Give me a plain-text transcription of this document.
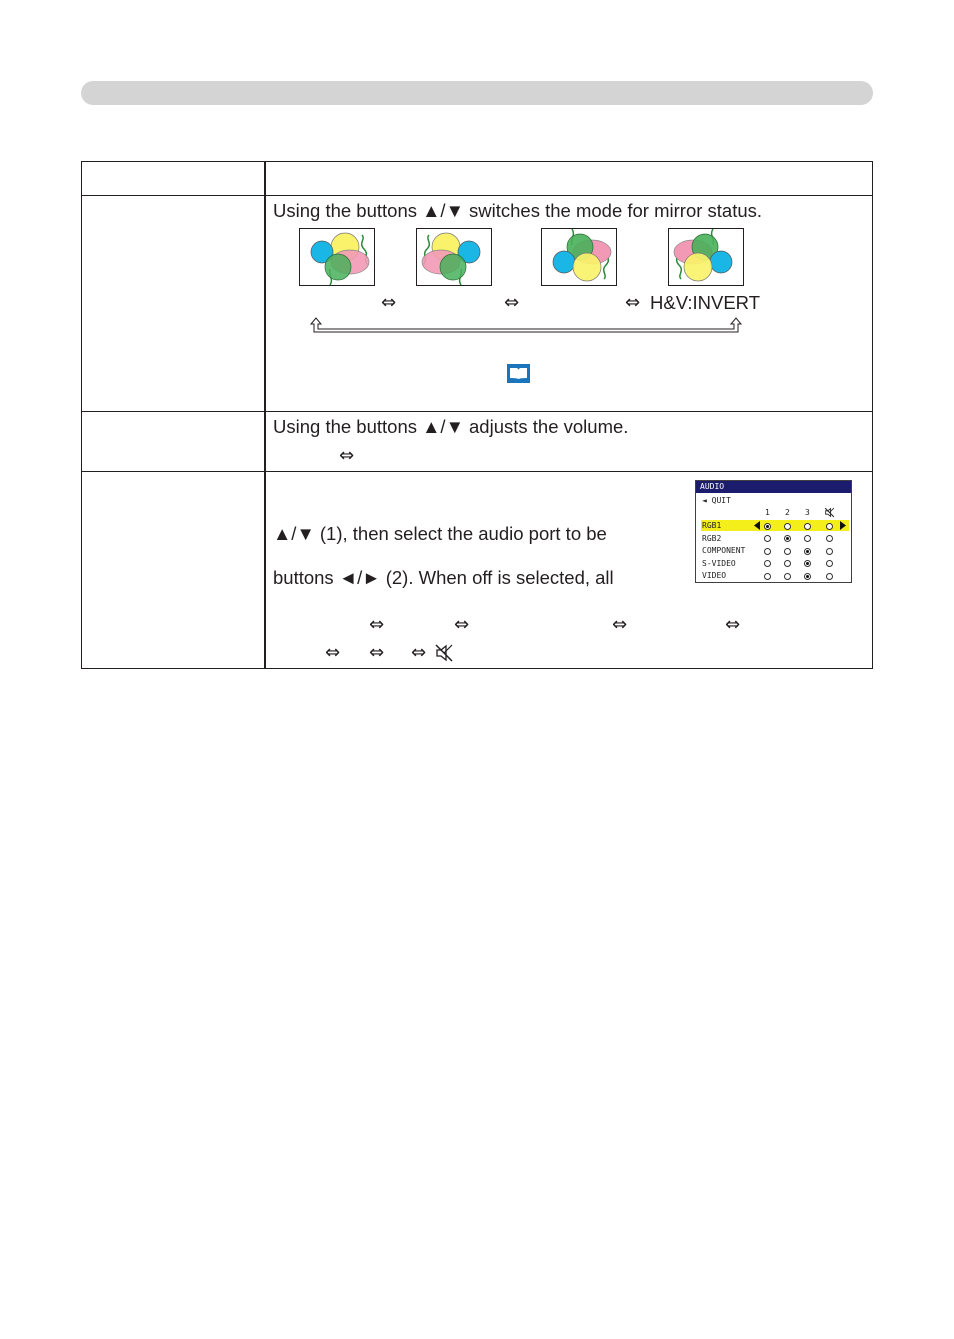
Using the buttons ▲/▼ switches the mode for mirror status.
⇔	⇔	⇔ H&V:INVERT
Using the buttons ▲/▼ adjusts the volume.
⇔
▲/▼ (1), then select the audio port to be
buttons ◄/► (2). When off is selected, all
⇔	⇔	⇔	⇔
⇔ ⇔ ⇔
AUDIO
◄ QUIT
1 2 3
RGB1
RGB2
COMPONENT
S-VIDEO
VIDEO
